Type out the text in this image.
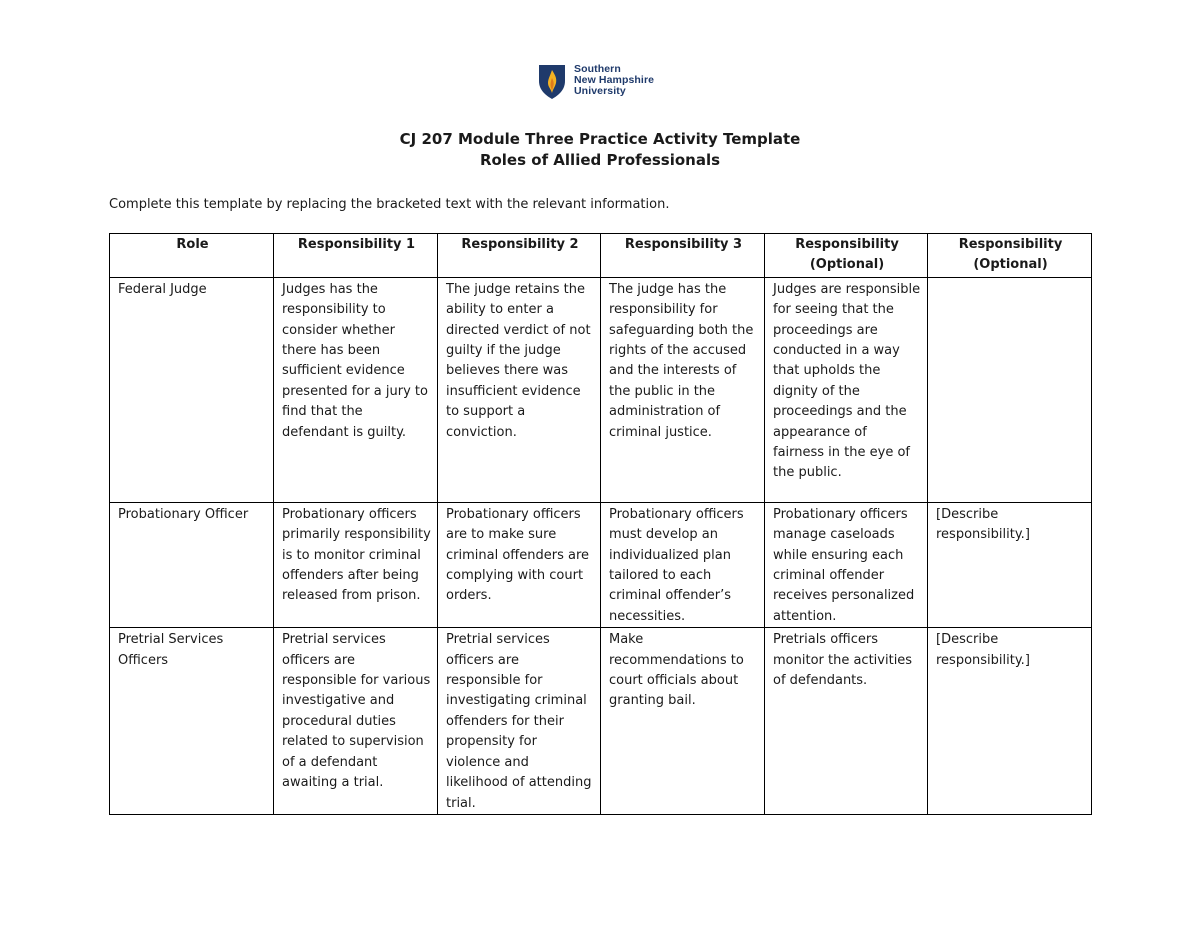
Southern
New Hampshire
University
CJ 207 Module Three Practice Activity Template
Roles of Allied Professionals
Complete this template by replacing the bracketed text with the relevant information.
Role	Responsibility 1	Responsibility 2	Responsibility 3	Responsibility (Optional)	Responsibility (Optional)
Federal Judge	Judges has the responsibility to consider whether there has been sufficient evidence presented for a jury to find that the defendant is guilty.	The judge retains the ability to enter a directed verdict of not guilty if the judge believes there was insufficient evidence to support a conviction.	The judge has the responsibility for safeguarding both the rights of the accused and the interests of the public in the administration of criminal justice.	Judges are responsible for seeing that the proceedings are conducted in a way that upholds the dignity of the proceedings and the appearance of fairness in the eye of the public.	
Probationary Officer	Probationary officers primarily responsibility is to monitor criminal offenders after being released from prison.	Probationary officers are to make sure criminal offenders are complying with court orders.	Probationary officers must develop an individualized plan tailored to each criminal offender’s necessities.	Probationary officers manage caseloads while ensuring each criminal offender receives personalized attention.	[Describe responsibility.]
Pretrial Services Officers	Pretrial services officers are responsible for various investigative and procedural duties related to supervision of a defendant awaiting a trial.	Pretrial services officers are responsible for investigating criminal offenders for their propensity for violence and likelihood of attending trial.	Make recommendations to court officials about granting bail.	Pretrials officers monitor the activities of defendants.	[Describe responsibility.]
